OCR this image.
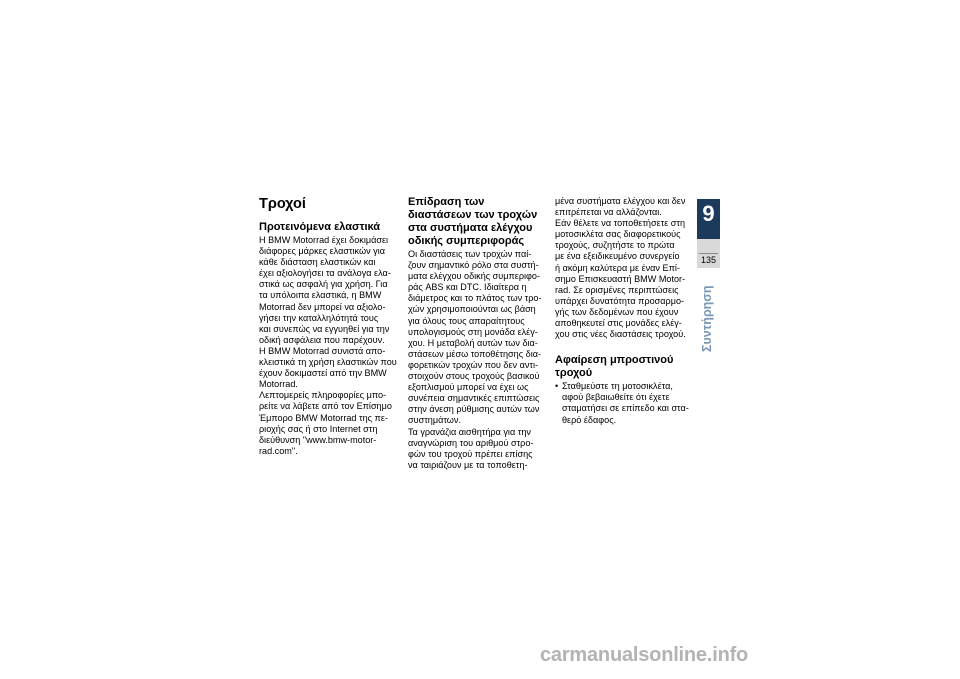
Τροχοί
Προτεινόμενα ελαστικά
Η BMW Motorrad έχει δοκιμάσει
διάφορες μάρκες ελαστικών για
κάθε διάσταση ελαστικών και
έχει αξιολογήσει τα ανάλογα ελα-
στικά ως ασφαλή για χρήση. Για
τα υπόλοιπα ελαστικά, η BMW
Motorrad δεν μπορεί να αξιολο-
γήσει την καταλληλότητά τους
και συνεπώς να εγγυηθεί για την
οδική ασφάλεια που παρέχουν.
Η BMW Motorrad συνιστά απο-
κλειστικά τη χρήση ελαστικών που
έχουν δοκιμαστεί από την BMW
Motorrad.
Λεπτομερείς πληροφορίες μπο-
ρείτε να λάβετε από τον Επίσημο
Έμπορο BMW Motorrad της πε-
ριοχής σας ή στο Internet στη
διεύθυνση "www.bmw-motor-
rad.com".
Επίδραση των
διαστάσεων των τροχών
στα συστήματα ελέγχου
οδικής συμπεριφοράς
Οι διαστάσεις των τροχών παί-
ζουν σημαντικό ρόλο στα συστή-
ματα ελέγχου οδικής συμπεριφο-
ράς ABS και DTC. Ιδιαίτερα η
διάμετρος και το πλάτος των τρο-
χών χρησιμοποιούνται ως βάση
για όλους τους απαραίτητους
υπολογισμούς στη μονάδα ελέγ-
χου. Η μεταβολή αυτών των δια-
στάσεων μέσω τοποθέτησης δια-
φορετικών τροχών που δεν αντι-
στοιχούν στους τροχούς βασικού
εξοπλισμού μπορεί να έχει ως
συνέπεια σημαντικές επιπτώσεις
στην άνεση ρύθμισης αυτών των
συστημάτων.
Τα γρανάζια αισθητήρα για την
αναγνώριση του αριθμού στρο-
φών του τροχού πρέπει επίσης
να ταιριάζουν με τα τοποθετη-
μένα συστήματα ελέγχου και δεν
επιτρέπεται να αλλάζονται.
Εάν θέλετε να τοποθετήσετε στη
μοτοσικλέτα σας διαφορετικούς
τροχούς, συζητήστε το πρώτα
με ένα εξειδικευμένο συνεργείο
ή ακόμη καλύτερα με έναν Επί-
σημο Επισκευαστή BMW Motor-
rad. Σε ορισμένες περιπτώσεις
υπάρχει δυνατότητα προσαρμο-
γής των δεδομένων που έχουν
αποθηκευτεί στις μονάδες ελέγ-
χου στις νέες διαστάσεις τροχού.
Αφαίρεση μπροστινού
τροχού
• Σταθμεύστε τη μοτοσικλέτα,
αφού βεβαιωθείτε ότι έχετε
σταματήσει σε επίπεδο και στα-
θερό έδαφος.
9
135
Συντήρηση
carmanualsonline.info
